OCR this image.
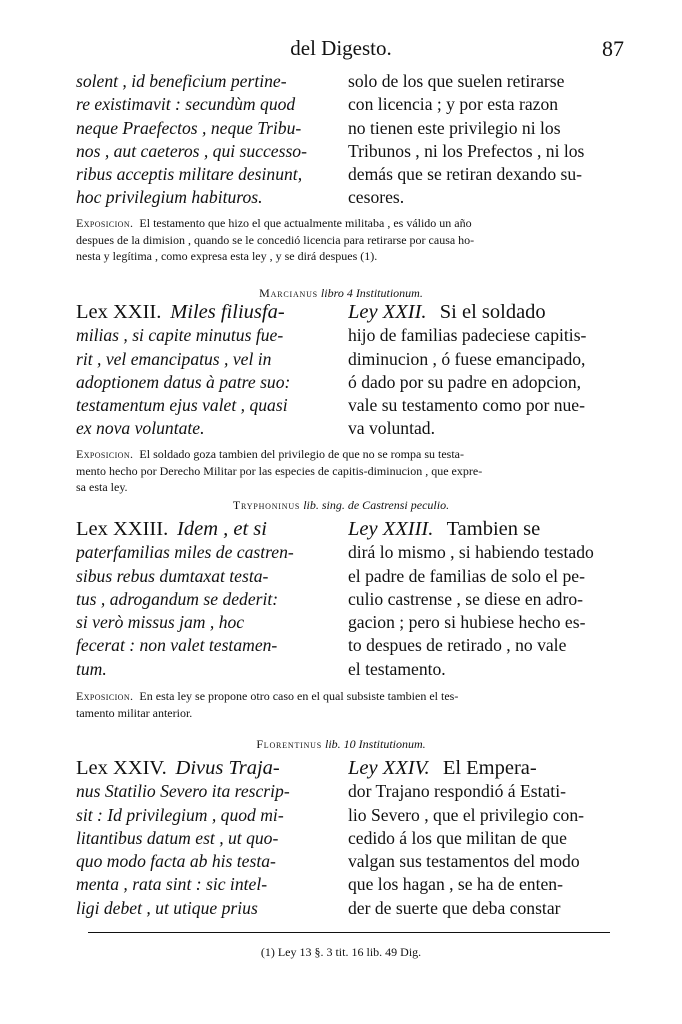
del Digesto.	87
solent , id beneficium pertine-
re existimavit : secundùm quod
neque Praefectos , neque Tribu-
nos , aut caeteros , qui successo-
ribus acceptis militare desinunt,
hoc privilegium habituros.
solo de los que suelen retirarse
con licencia ; y por esta razon
no tienen este privilegio ni los
Tribunos , ni los Prefectos , ni los
demás que se retiran dexando su-
cesores.
Exposicion. El testamento que hizo el que actualmente militaba , es válido un año
despues de la dimision , quando se le concedió licencia para retirarse por causa ho-
nesta y legítima , como expresa esta ley , y se dirá despues (1).
Marcianus libro 4 Institutionum.
Lex XXII. Miles filiusfa-
milias , si capite minutus fue-
rit , vel emancipatus , vel in
adoptionem datus à patre suo:
testamentum ejus valet , quasi
ex nova voluntate.
Ley XXII. Si el soldado
hijo de familias padeciese capitis-
diminucion , ó fuese emancipado,
ó dado por su padre en adopcion,
vale su testamento como por nue-
va voluntad.
Exposicion. El soldado goza tambien del privilegio de que no se rompa su testa-
mento hecho por Derecho Militar por las especies de capitis-diminucion , que expre-
sa esta ley.
Tryphoninus lib. sing. de Castrensi peculio.
Lex XXIII. Idem , et si
paterfamilias miles de castren-
sibus rebus dumtaxat testa-
tus , adrogandum se dederit:
si verò missus jam , hoc
fecerat : non valet testamen-
tum.
Ley XXIII. Tambien se
dirá lo mismo , si habiendo testado
el padre de familias de solo el pe-
culio castrense , se diese en adro-
gacion ; pero si hubiese hecho es-
to despues de retirado , no vale
el testamento.
Exposicion. En esta ley se propone otro caso en el qual subsiste tambien el tes-
tamento militar anterior.
Florentinus lib. 10 Institutionum.
Lex XXIV. Divus Traja-
nus Statilio Severo ita rescrip-
sit : Id privilegium , quod mi-
litantibus datum est , ut quo-
quo modo facta ab his testa-
menta , rata sint : sic intel-
ligi debet , ut utique prius
Ley XXIV. El Empera-
dor Trajano respondió á Estati-
lio Severo , que el privilegio con-
cedido á los que militan de que
valgan sus testamentos del modo
que los hagan , se ha de enten-
der de suerte que deba constar
(1) Ley 13 §. 3 tit. 16 lib. 49 Dig.
